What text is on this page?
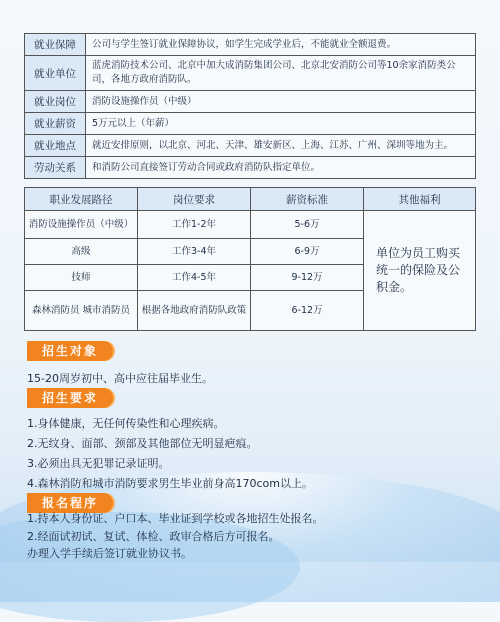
就业保障	公司与学生签订就业保障协议，如学生完成学业后，不能就业全额退费。
就业单位	蓝虎消防技术公司、北京中加大成消防集团公司、北京北安消防公司等10余家消防类公司，各地方政府消防队。
就业岗位	消防设施操作员（中级）
就业薪资	5万元以上（年薪）
就业地点	就近安排原则，以北京、河北、天津、雄安新区、上海、江苏、广州、深圳等地为主。
劳动关系	和消防公司直接签订劳动合同或政府消防队指定单位。
职业发展路径	岗位要求	薪资标准	其他福利
消防设施操作员（中级）	工作1-2年	5-6万	单位为员工购买统一的保险及公积金。
高级	工作3-4年	6-9万	
技师	工作4-5年	9-12万	
森林消防员 城市消防员	根据各地政府消防队政策	6-12万	
招生对象
15-20周岁初中、高中应往届毕业生。
招生要求
1.身体健康，无任何传染性和心理疾病。
2.无纹身、面部、颈部及其他部位无明显疤痕。
3.必须出具无犯罪记录证明。
4.森林消防和城市消防要求男生毕业前身高170com以上。
报名程序
1.持本人身份证、户口本、毕业证到学校或各地招生处报名。
2.经面试初试、复试、体检、政审合格后方可报名。
办理入学手续后签订就业协议书。
